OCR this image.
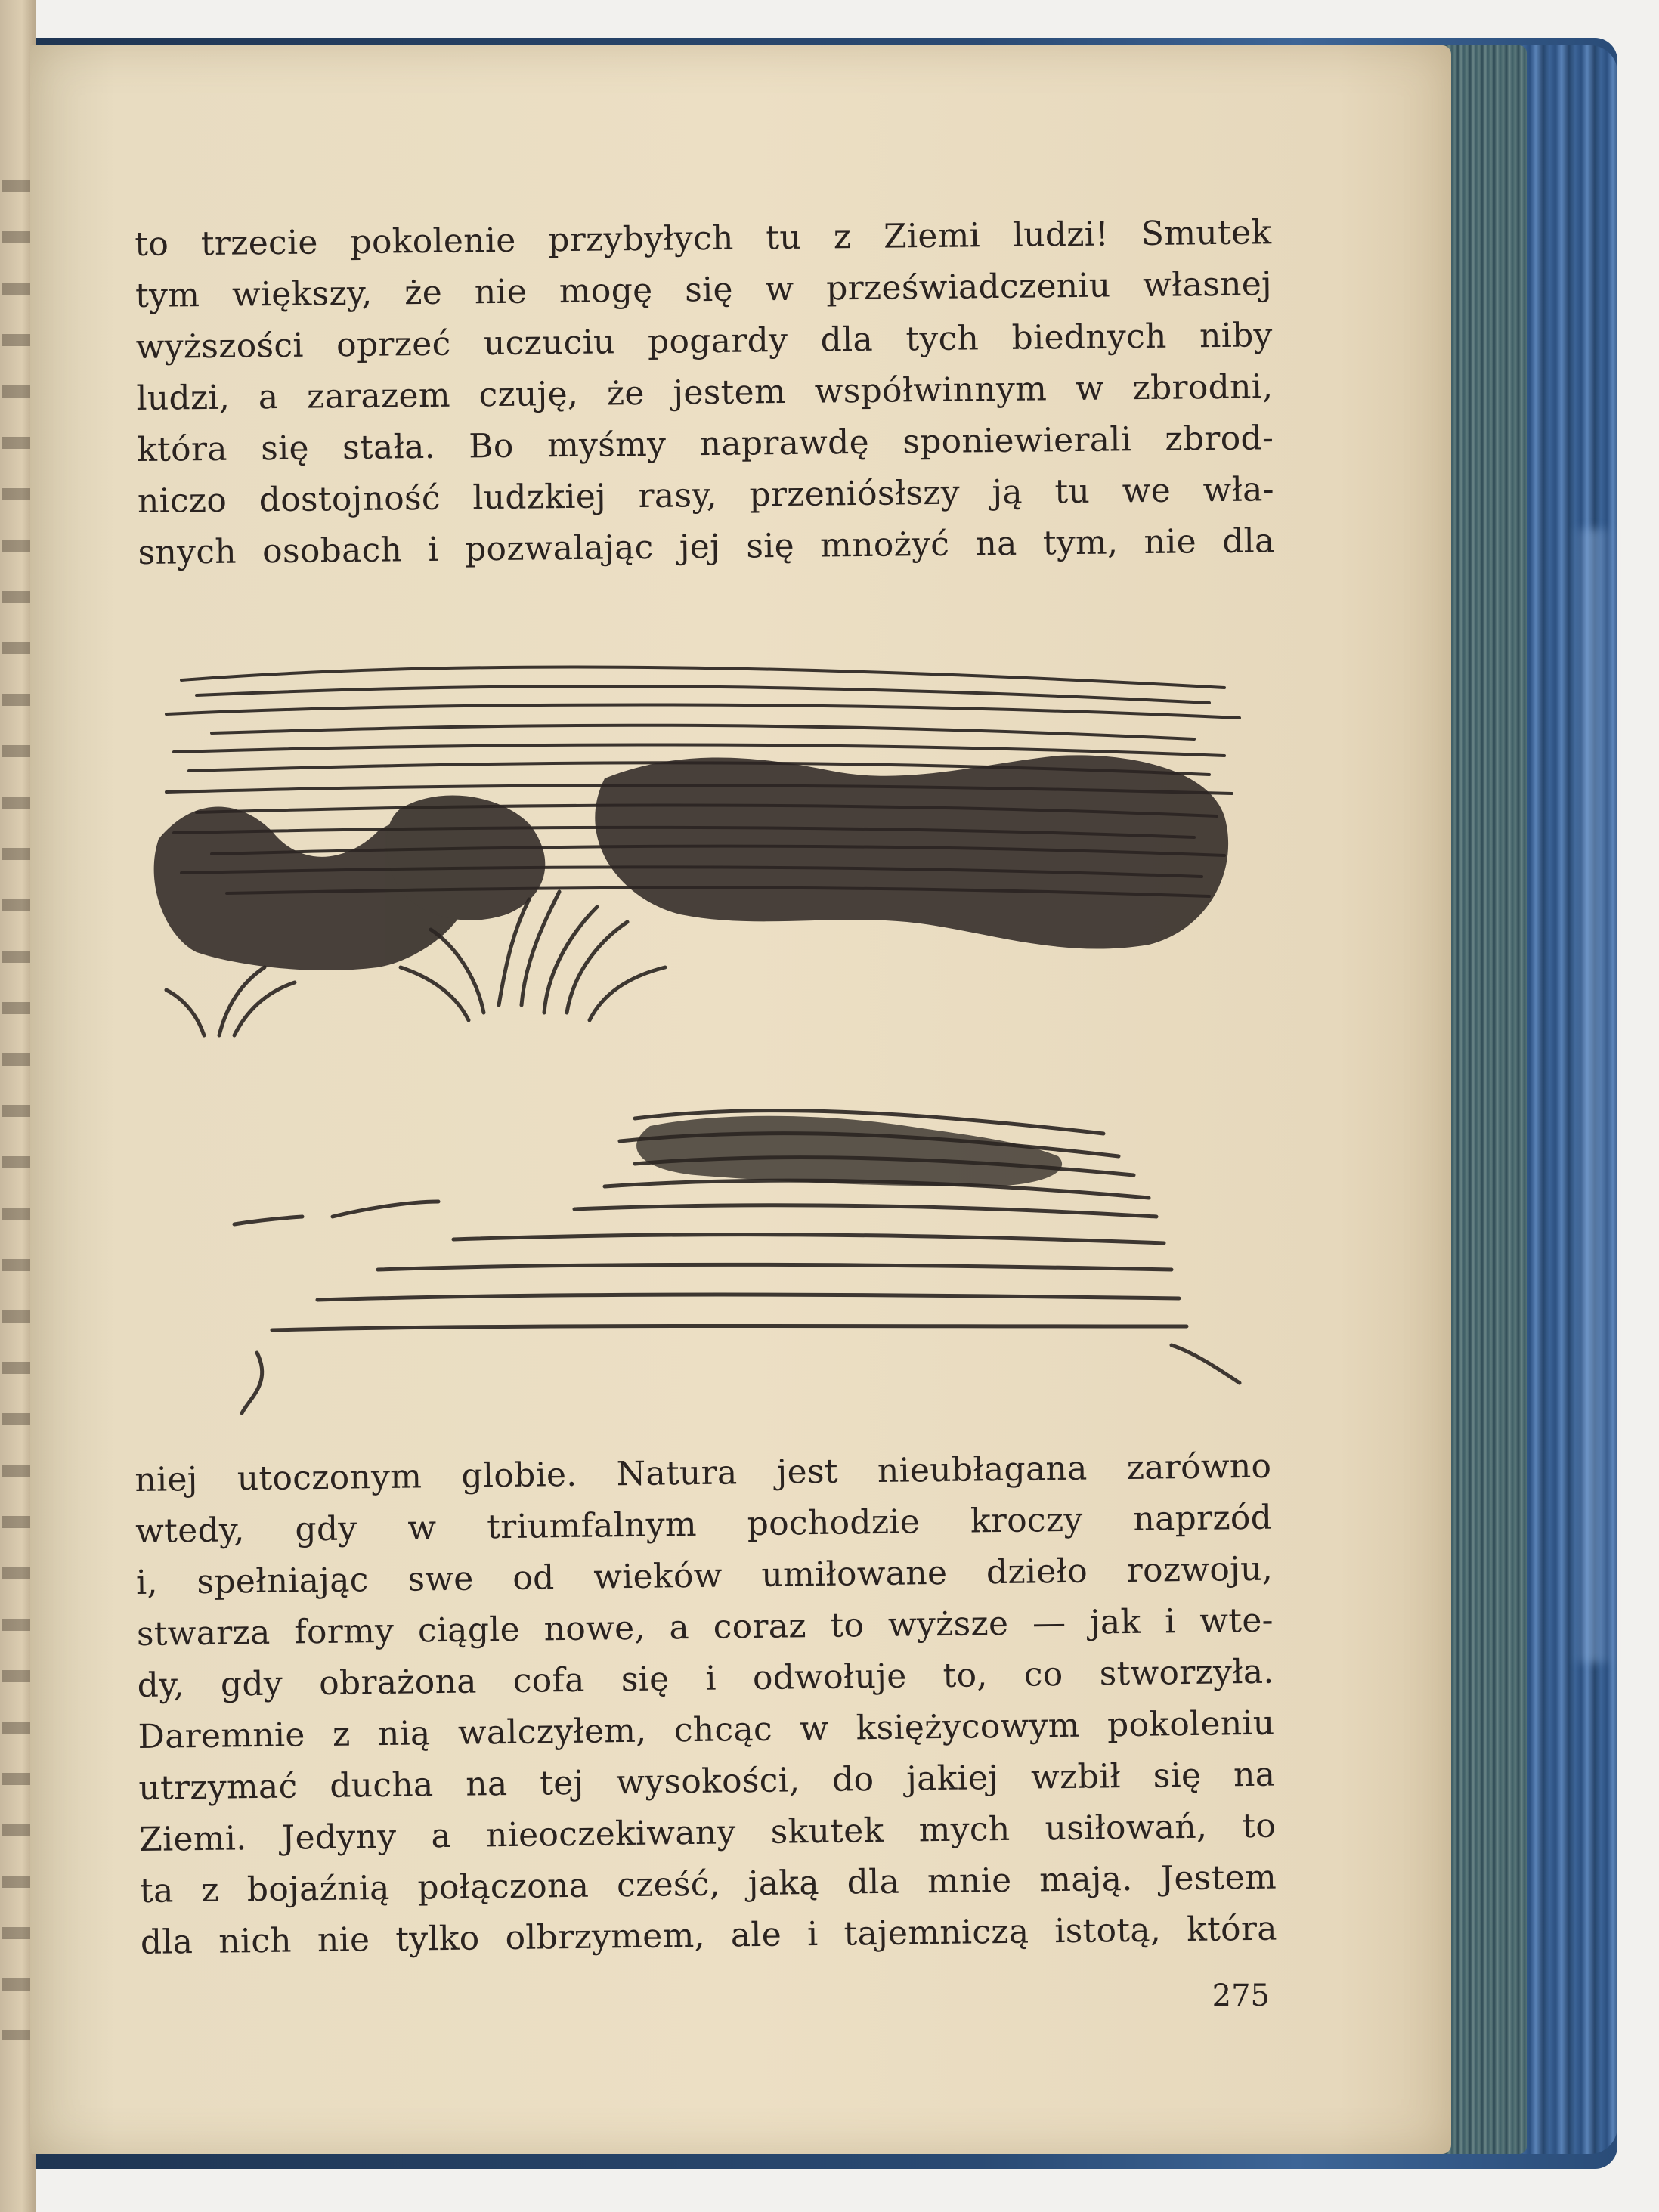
to trzecie pokolenie przybyłych tu z Ziemi ludzi! Smutek
tym większy, że nie mogę się w przeświadczeniu własnej
wyższości oprzeć uczuciu pogardy dla tych biednych niby
ludzi, a zarazem czuję, że jestem współwinnym w zbrodni,
która się stała. Bo myśmy naprawdę sponiewierali zbrod-
niczo dostojność ludzkiej rasy, przeniósłszy ją tu we wła-
snych osobach i pozwalając jej się mnożyć na tym, nie dla
niej utoczonym globie. Natura jest nieubłagana zarówno
wtedy, gdy w triumfalnym pochodzie kroczy naprzód
i, spełniając swe od wieków umiłowane dzieło rozwoju,
stwarza formy ciągle nowe, a coraz to wyższe — jak i wte-
dy, gdy obrażona cofa się i odwołuje to, co stworzyła.
Daremnie z nią walczyłem, chcąc w księżycowym pokoleniu
utrzymać ducha na tej wysokości, do jakiej wzbił się na
Ziemi. Jedyny a nieoczekiwany skutek mych usiłowań, to
ta z bojaźnią połączona cześć, jaką dla mnie mają. Jestem
dla nich nie tylko olbrzymem, ale i tajemniczą istotą, która
275
